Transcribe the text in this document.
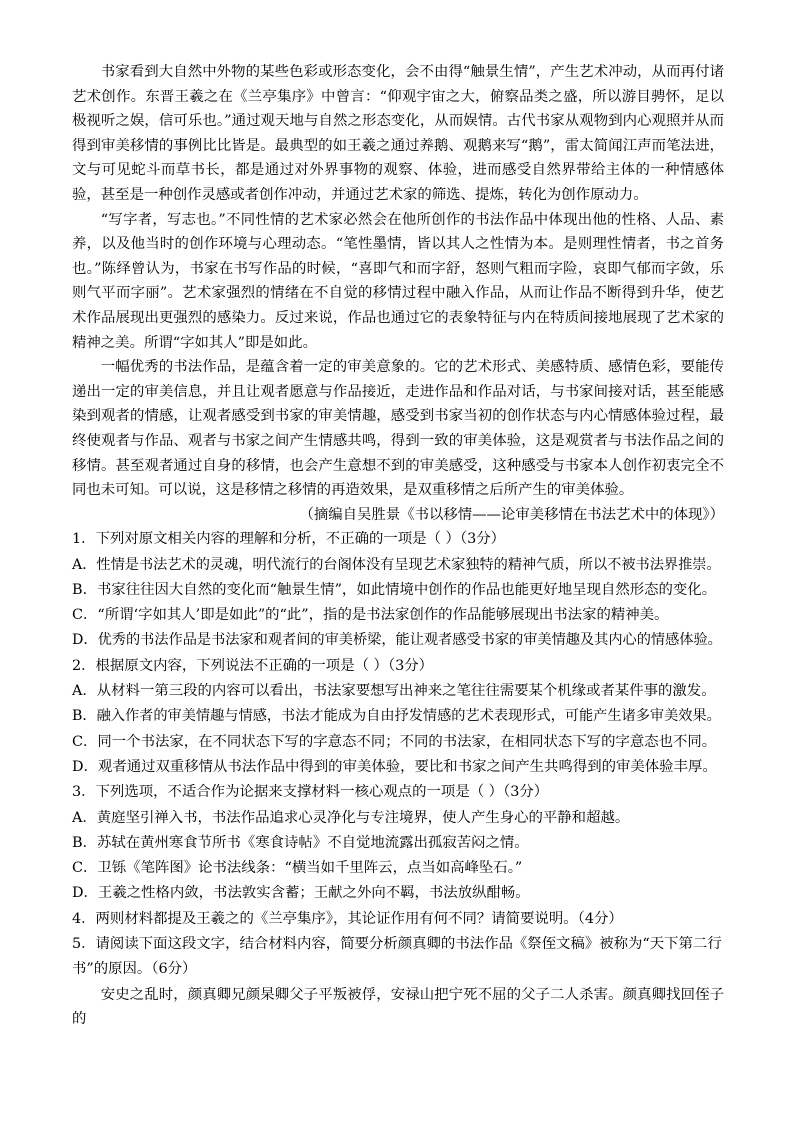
书家看到大自然中外物的某些色彩或形态变化，会不由得“触景生情”，产生艺术冲动，从而再付诸艺术创作。东晋王羲之在《兰亭集序》中曾言：“仰观宇宙之大，俯察品类之盛，所以游目骋怀，足以极视听之娱，信可乐也。”通过观天地与自然之形态变化，从而娱情。古代书家从观物到内心观照并从而得到审美移情的事例比比皆是。最典型的如王羲之通过养鹅、观鹅来写“鹅”，雷太简闻江声而笔法进，文与可见蛇斗而草书长，都是通过对外界事物的观察、体验，进而感受自然界带给主体的一种情感体验，甚至是一种创作灵感或者创作冲动，并通过艺术家的筛选、提炼，转化为创作原动力。

“写字者，写志也。”不同性情的艺术家必然会在他所创作的书法作品中体现出他的性格、人品、素养，以及他当时的创作环境与心理动态。“笔性墨情，皆以其人之性情为本。是则理性情者，书之首务也。”陈绎曾认为，书家在书写作品的时候，“喜即气和而字舒，怒则气粗而字险，哀即气郁而字敛，乐则气平而字丽”。艺术家强烈的情绪在不自觉的移情过程中融入作品，从而让作品不断得到升华，使艺术作品展现出更强烈的感染力。反过来说，作品也通过它的表象特征与内在特质间接地展现了艺术家的精神之美。所谓“字如其人”即是如此。

一幅优秀的书法作品，是蕴含着一定的审美意象的。它的艺术形式、美感特质、感情色彩，要能传递出一定的审美信息，并且让观者愿意与作品接近，走进作品和作品对话，与书家间接对话，甚至能感染到观者的情感，让观者感受到书家的审美情趣，感受到书家当初的创作状态与内心情感体验过程，最终使观者与作品、观者与书家之间产生情感共鸣，得到一致的审美体验，这是观赏者与书法作品之间的移情。甚至观者通过自身的移情，也会产生意想不到的审美感受，这种感受与书家本人创作初衷完全不同也未可知。可以说，这是移情之移情的再造效果，是双重移情之后所产生的审美体验。

（摘编自吴胜景《书以移情——论审美移情在书法艺术中的体现》）

1．下列对原文相关内容的理解和分析，不正确的一项是（ ）（3分）

A．性情是书法艺术的灵魂，明代流行的台阁体没有呈现艺术家独特的精神气质，所以不被书法界推崇。

B．书家往往因大自然的变化而“触景生情”，如此情境中创作的作品也能更好地呈现自然形态的变化。

C．“所谓‘字如其人’即是如此”的“此”，指的是书法家创作的作品能够展现出书法家的精神美。

D．优秀的书法作品是书法家和观者间的审美桥梁，能让观者感受书家的审美情趣及其内心的情感体验。

2．根据原文内容，下列说法不正确的一项是（ ）（3分）

A．从材料一第三段的内容可以看出，书法家要想写出神来之笔往往需要某个机缘或者某件事的激发。

B．融入作者的审美情趣与情感，书法才能成为自由抒发情感的艺术表现形式，可能产生诸多审美效果。

C．同一个书法家，在不同状态下写的字意态不同；不同的书法家，在相同状态下写的字意态也不同。

D．观者通过双重移情从书法作品中得到的审美体验，要比和书家之间产生共鸣得到的审美体验丰厚。

3．下列选项，不适合作为论据来支撑材料一核心观点的一项是（ ）（3分）

A．黄庭坚引禅入书，书法作品追求心灵净化与专注境界，使人产生身心的平静和超越。

B．苏轼在黄州寒食节所书《寒食诗帖》不自觉地流露出孤寂苦闷之情。

C．卫铄《笔阵图》论书法线条：“横当如千里阵云，点当如高峰坠石。”

D．王羲之性格内敛，书法敦实含蓄；王献之外向不羁，书法放纵酣畅。

4．两则材料都提及王羲之的《兰亭集序》，其论证作用有何不同？请简要说明。（4分）

5．请阅读下面这段文字，结合材料内容，简要分析颜真卿的书法作品《祭侄文稿》被称为“天下第二行书”的原因。（6分）

安史之乱时，颜真卿兄颜杲卿父子平叛被俘，安禄山把宁死不屈的父子二人杀害。颜真卿找回侄子的
